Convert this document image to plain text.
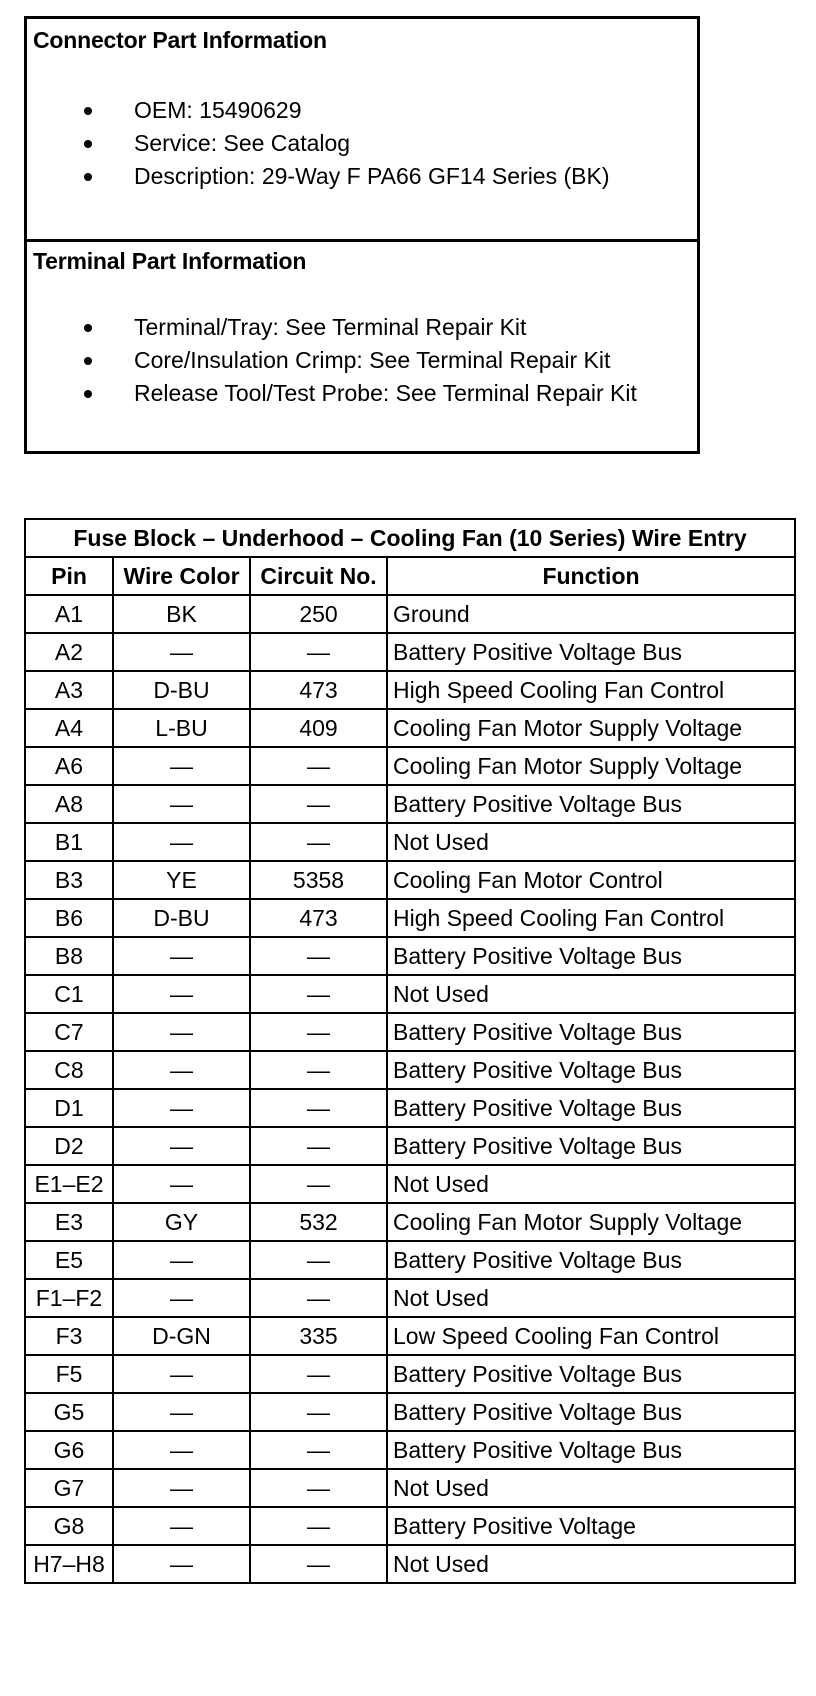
Connector Part Information
OEM: 15490629
Service: See Catalog
Description: 29-Way F PA66 GF14 Series (BK)
Terminal Part Information
Terminal/Tray: See Terminal Repair Kit
Core/Insulation Crimp: See Terminal Repair Kit
Release Tool/Test Probe: See Terminal Repair Kit
Fuse Block – Underhood – Cooling Fan (10 Series) Wire Entry			
Pin	Wire Color	Circuit No.	Function
A1	BK	250	Ground
A2	—	—	Battery Positive Voltage Bus
A3	D-BU	473	High Speed Cooling Fan Control
A4	L-BU	409	Cooling Fan Motor Supply Voltage
A6	—	—	Cooling Fan Motor Supply Voltage
A8	—	—	Battery Positive Voltage Bus
B1	—	—	Not Used
B3	YE	5358	Cooling Fan Motor Control
B6	D-BU	473	High Speed Cooling Fan Control
B8	—	—	Battery Positive Voltage Bus
C1	—	—	Not Used
C7	—	—	Battery Positive Voltage Bus
C8	—	—	Battery Positive Voltage Bus
D1	—	—	Battery Positive Voltage Bus
D2	—	—	Battery Positive Voltage Bus
E1–E2	—	—	Not Used
E3	GY	532	Cooling Fan Motor Supply Voltage
E5	—	—	Battery Positive Voltage Bus
F1–F2	—	—	Not Used
F3	D-GN	335	Low Speed Cooling Fan Control
F5	—	—	Battery Positive Voltage Bus
G5	—	—	Battery Positive Voltage Bus
G6	—	—	Battery Positive Voltage Bus
G7	—	—	Not Used
G8	—	—	Battery Positive Voltage
H7–H8	—	—	Not Used
